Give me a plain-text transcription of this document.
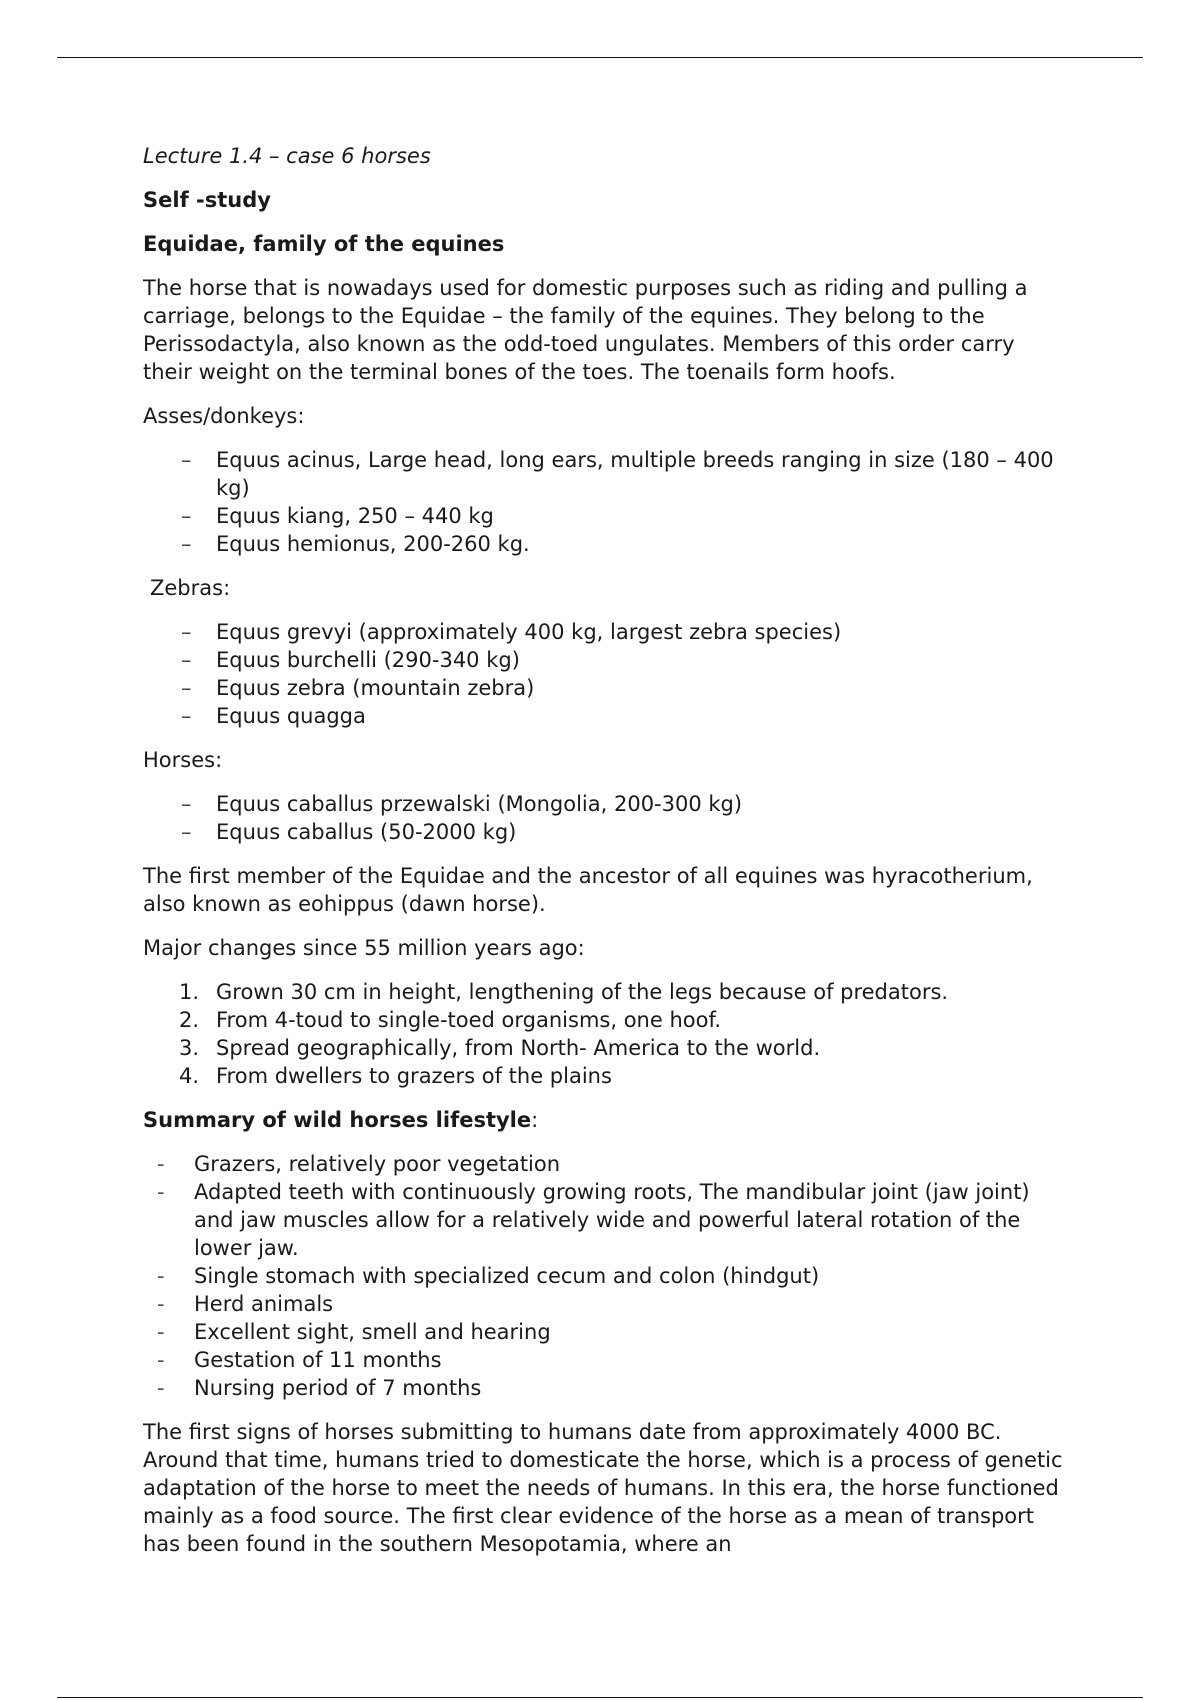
Lecture 1.4 – case 6 horses

Self -study

Equidae, family of the equines

The horse that is nowadays used for domestic purposes such as riding and pulling a carriage, belongs to the Equidae – the family of the equines. They belong to the Perissodactyla, also known as the odd-toed ungulates. Members of this order carry their weight on the terminal bones of the toes. The toenails form hoofs.

Asses/donkeys:

– Equus acinus, Large head, long ears, multiple breeds ranging in size (180 – 400 kg)
– Equus kiang, 250 – 440 kg
– Equus hemionus, 200-260 kg.

Zebras:

– Equus grevyi (approximately 400 kg, largest zebra species)
– Equus burchelli (290-340 kg)
– Equus zebra (mountain zebra)
– Equus quagga

Horses:

– Equus caballus przewalski (Mongolia, 200-300 kg)
– Equus caballus (50-2000 kg)

The first member of the Equidae and the ancestor of all equines was hyracotherium, also known as eohippus (dawn horse).

Major changes since 55 million years ago:

1. Grown 30 cm in height, lengthening of the legs because of predators.
2. From 4-toud to single-toed organisms, one hoof.
3. Spread geographically, from North- America to the world.
4. From dwellers to grazers of the plains

Summary of wild horses lifestyle:

- Grazers, relatively poor vegetation
- Adapted teeth with continuously growing roots, The mandibular joint (jaw joint) and jaw muscles allow for a relatively wide and powerful lateral rotation of the lower jaw.
- Single stomach with specialized cecum and colon (hindgut)
- Herd animals
- Excellent sight, smell and hearing
- Gestation of 11 months
- Nursing period of 7 months

The first signs of horses submitting to humans date from approximately 4000 BC. Around that time, humans tried to domesticate the horse, which is a process of genetic adaptation of the horse to meet the needs of humans. In this era, the horse functioned mainly as a food source. The first clear evidence of the horse as a mean of transport has been found in the southern Mesopotamia, where an
